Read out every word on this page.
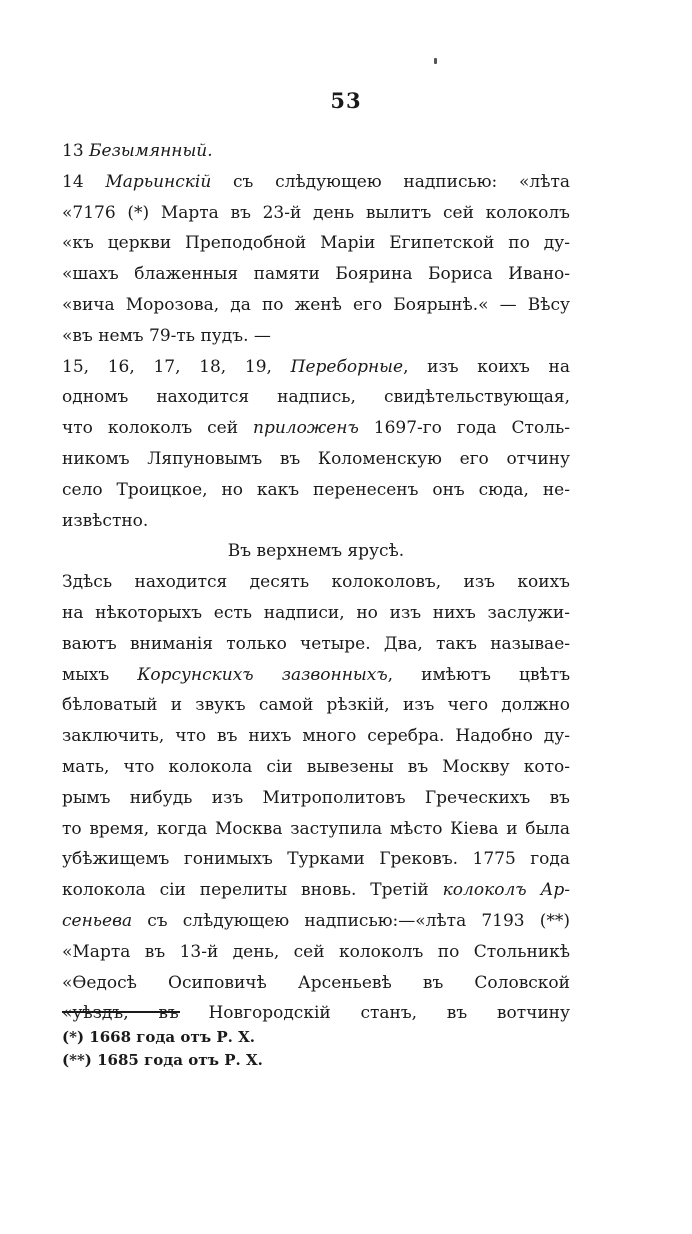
53
13 Безымянный.
14 Марьинскій съ слѣдующею надписью: «лѣта
«7176 (*) Марта въ 23-й день вылитъ сей колоколъ
«къ церкви Преподобной Маріи Египетской по ду-
«шахъ блаженныя памяти Боярина Бориса Ивано-
«вича Морозова, да по женѣ его Боярынѣ.« — Вѣсу
«въ немъ 79-ть пудъ. —
15, 16, 17, 18, 19, Переборные, изъ коихъ на
одномъ находится надпись, свидѣтельствующая,
что колоколъ сей приложенъ 1697-го года Столь-
никомъ Ляпуновымъ въ Коломенскую его отчину
село Троицкое, но какъ перенесенъ онъ сюда, не-
извѣстно.
Въ верхнемъ ярусѣ.
Здѣсь находится десять колоколовъ, изъ коихъ
на нѣкоторыхъ есть надписи, но изъ нихъ заслужи-
ваютъ вниманія только четыре. Два, такъ называе-
мыхъ Корсунскихъ зазвонныхъ, имѣютъ цвѣтъ
бѣловатый и звукъ самой рѣзкій, изъ чего должно
заключить, что въ нихъ много серебра. Надобно ду-
мать, что колокола сіи вывезены въ Москву кото-
рымъ нибудь изъ Митрополитовъ Греческихъ въ
то время, когда Москва заступила мѣсто Кіева и была
убѣжищемъ гонимыхъ Турками Грековъ. 1775 года
колокола сіи перелиты вновь. Третій колоколъ Ар-
сеньева съ слѣдующею надписью:—«лѣта 7193 (**)
«Марта въ 13-й день, сей колоколъ по Стольникѣ
«Ѳедосѣ Осиповичѣ Арсеньевѣ въ Соловской
«уѣздъ, въ Новгородскій станъ, въ вотчину
(*) 1668 года отъ Р. Х.
(**) 1685 года отъ Р. Х.
